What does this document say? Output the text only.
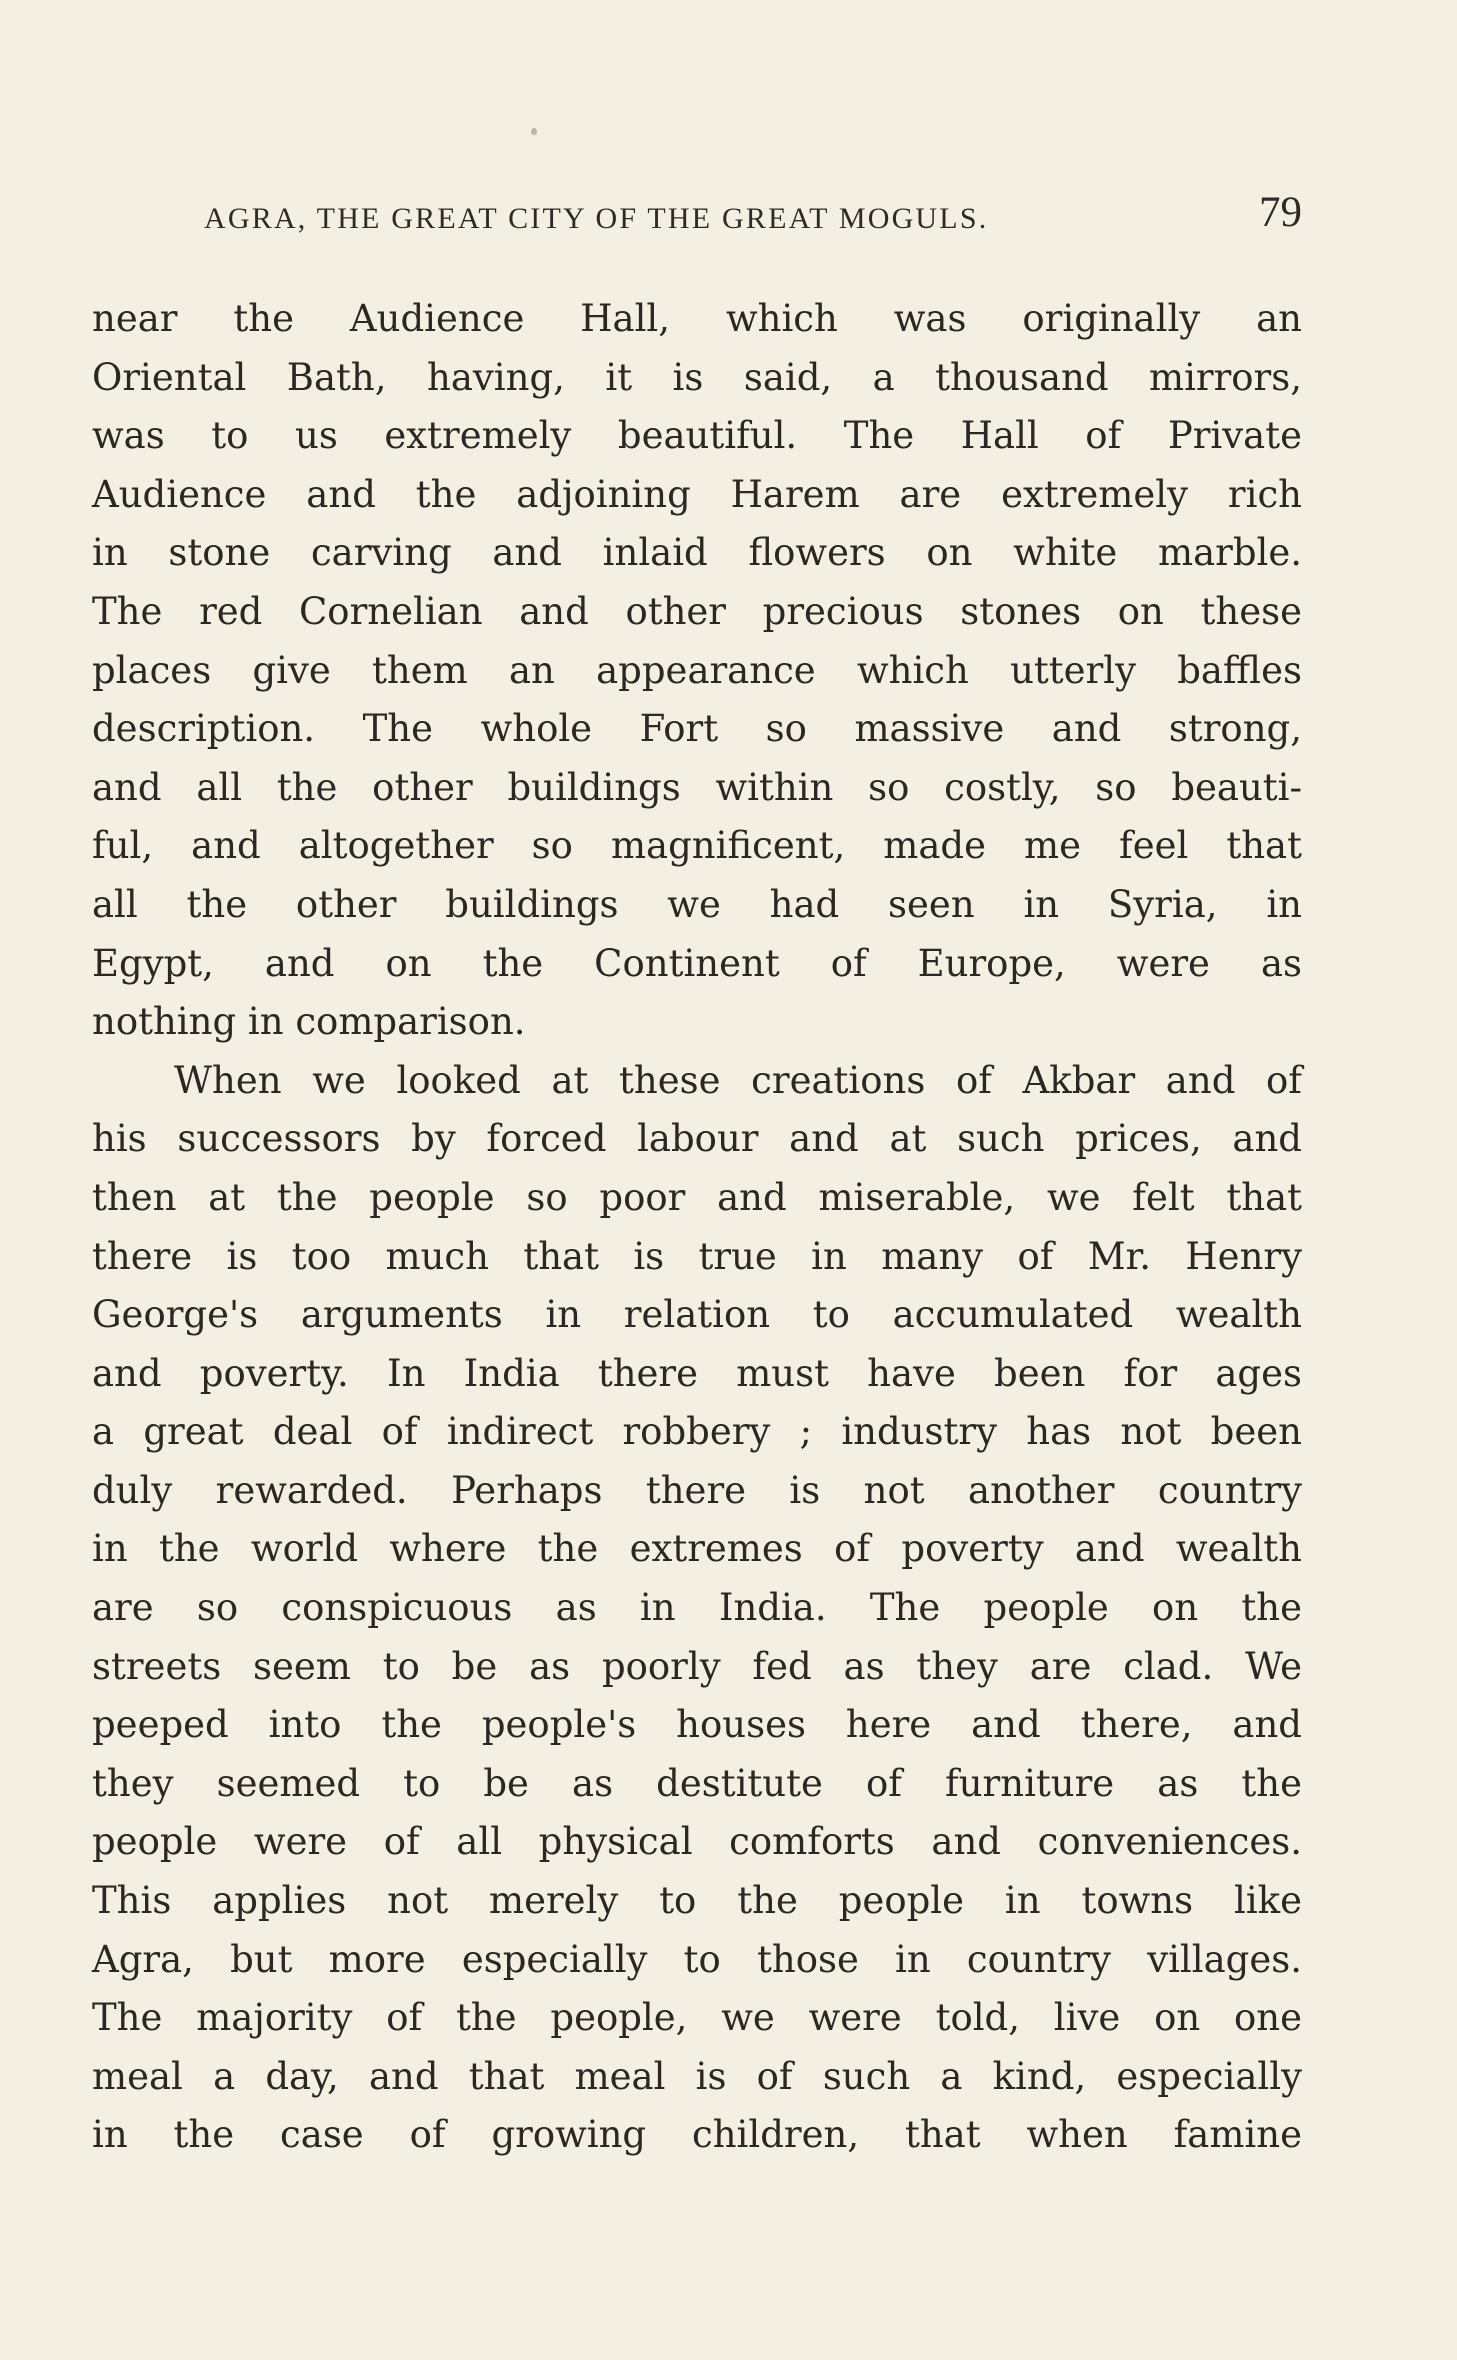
AGRA, THE GREAT CITY OF THE GREAT MOGULS.	79
near the Audience Hall, which was originally an
Oriental Bath, having, it is said, a thousand mirrors,
was to us extremely beautiful. The Hall of Private
Audience and the adjoining Harem are extremely rich
in stone carving and inlaid flowers on white marble.
The red Cornelian and other precious stones on these
places give them an appearance which utterly baffles
description. The whole Fort so massive and strong,
and all the other buildings within so costly, so beauti-
ful, and altogether so magnificent, made me feel that
all the other buildings we had seen in Syria, in
Egypt, and on the Continent of Europe, were as
nothing in comparison.
When we looked at these creations of Akbar and of
his successors by forced labour and at such prices, and
then at the people so poor and miserable, we felt that
there is too much that is true in many of Mr. Henry
George's arguments in relation to accumulated wealth
and poverty. In India there must have been for ages
a great deal of indirect robbery ; industry has not been
duly rewarded. Perhaps there is not another country
in the world where the extremes of poverty and wealth
are so conspicuous as in India. The people on the
streets seem to be as poorly fed as they are clad. We
peeped into the people's houses here and there, and
they seemed to be as destitute of furniture as the
people were of all physical comforts and conveniences.
This applies not merely to the people in towns like
Agra, but more especially to those in country villages.
The majority of the people, we were told, live on one
meal a day, and that meal is of such a kind, especially
in the case of growing children, that when famine
